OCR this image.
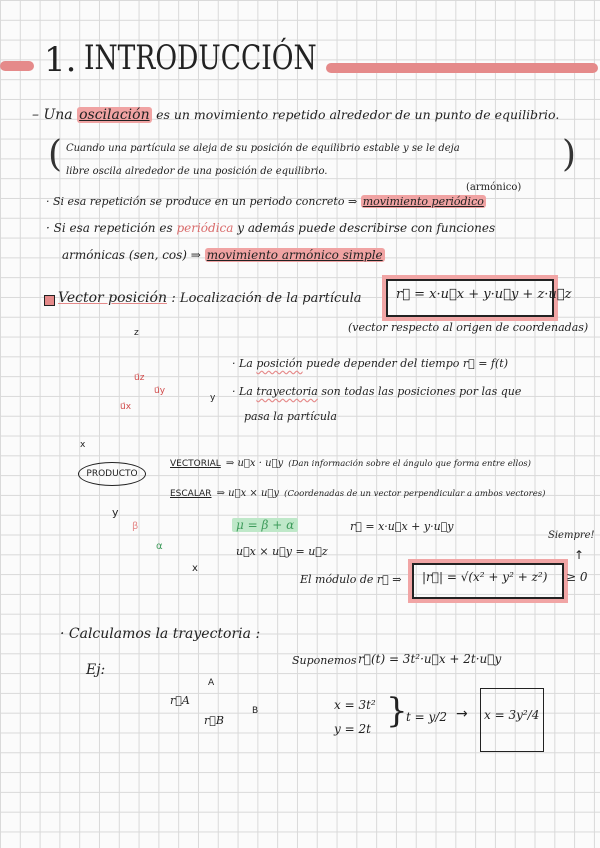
1. INTRODUCCIÓN
– Una oscilación es un movimiento repetido alrededor de un punto de equilibrio.
( Cuando una partícula se aleja de su posición de equilibrio estable y se le deja
libre oscila alrededor de una posición de equilibrio.	)
(armónico)
· Si esa repetición se produce en un periodo concreto ⇒ movimiento periódico
· Si esa repetición es periódica y además puede describirse con funciones
armónicas (sen, cos) ⇒ movimiento armónico simple
Vector posición : Localización de la partícula	r⃗ = x·u⃗x + y·u⃗y + z·u⃗z
(vector respecto al origen de coordenadas)
z
y
x
u⃗z
u⃗y
u⃗x
· La posición puede depender del tiempo r⃗ = f(t)
· La trayectoria son todas las posiciones por las que
pasa la partícula
PRODUCTO
VECTORIAL ⇒ u⃗x · u⃗y (Dan información sobre el ángulo que forma entre ellos)
ESCALAR ⇒ u⃗x × u⃗y (Coordenadas de un vector perpendicular a ambos vectores)
y
x
β
α
μ = β + α
u⃗x × u⃗y = u⃗z
r⃗ = x·u⃗x + y·u⃗y
Siempre!
↑
El módulo de r⃗ ⇒ |r⃗| = √(x² + y² + z²) ≥ 0
· Calculamos la trayectoria :
Ej:
A
B
r⃗A
r⃗B
Suponemos r⃗(t) = 3t²·u⃗x + 2t·u⃗y
x = 3t²
y = 2t }
t = y/2 → x = 3y²/4
